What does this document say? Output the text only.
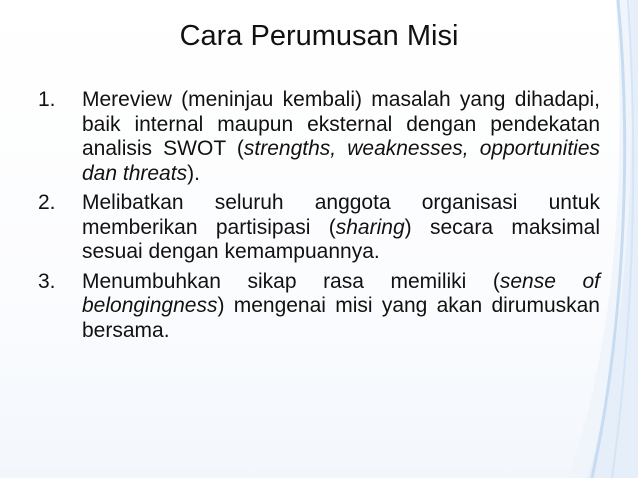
Cara Perumusan Misi
1. Mereview (meninjau kembali) masalah yang dihadapi, baik internal maupun eksternal dengan pendekatan analisis SWOT (strengths, weaknesses, opportunities dan threats).
2. Melibatkan seluruh anggota organisasi untuk memberikan partisipasi (sharing) secara maksimal sesuai dengan kemampuannya.
3. Menumbuhkan sikap rasa memiliki (sense of belongingness) mengenai misi yang akan dirumuskan bersama.
